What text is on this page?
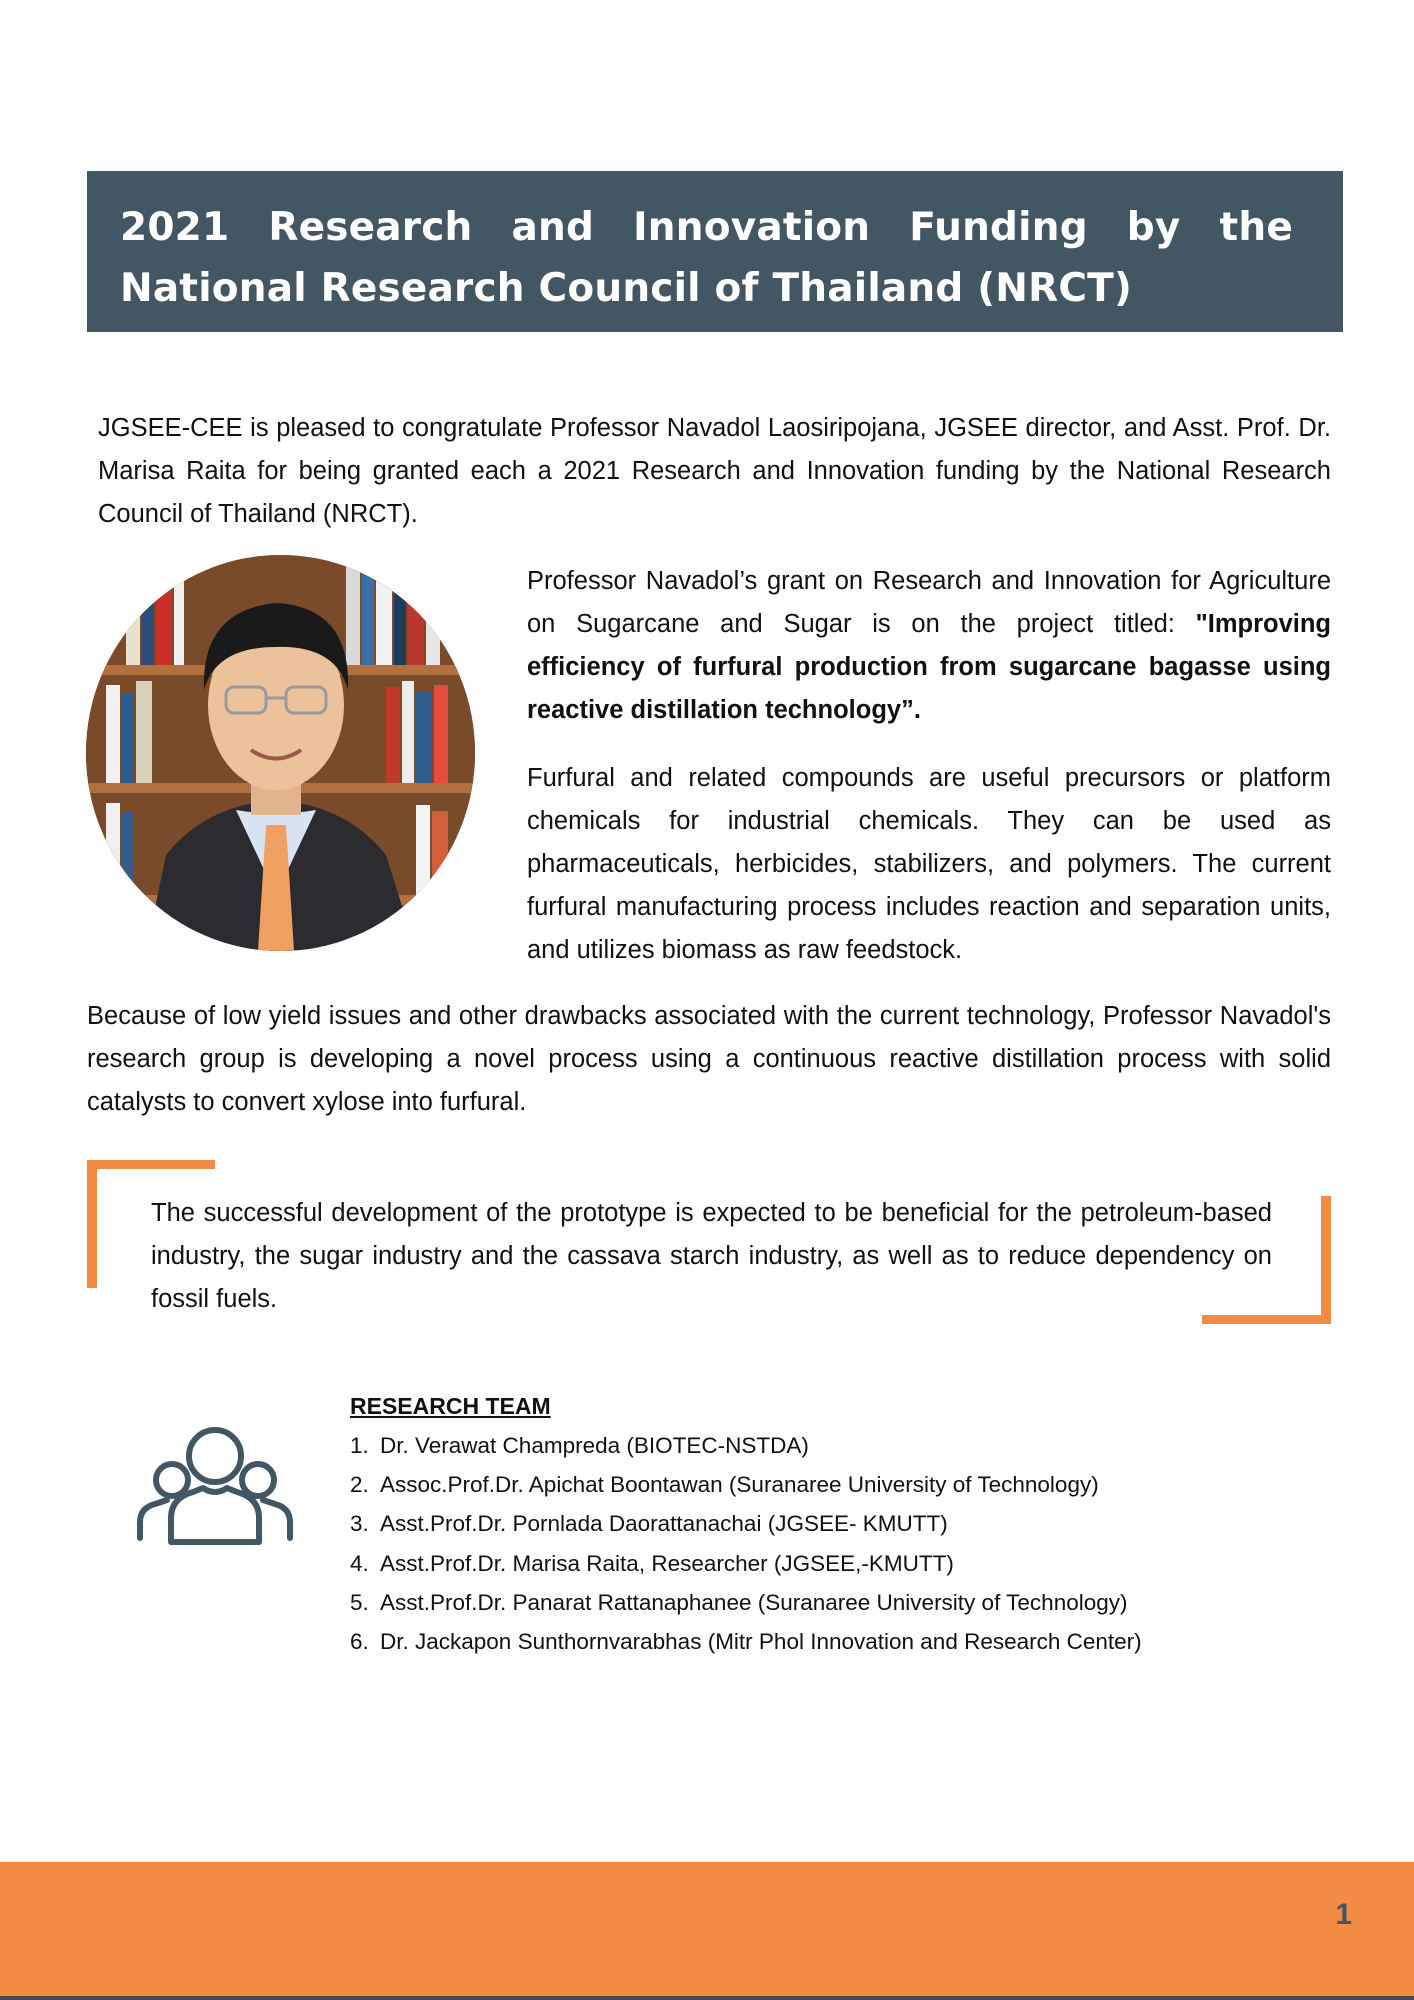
2021 Research and Innovation Funding by the National Research Council of Thailand (NRCT)

JGSEE-CEE is pleased to congratulate Professor Navadol Laosiripojana, JGSEE director, and Asst. Prof. Dr. Marisa Raita for being granted each a 2021 Research and Innovation funding by the National Research Council of Thailand (NRCT).

Professor Navadol’s grant on Research and Innovation for Agriculture on Sugarcane and Sugar is on the project titled: "Improving efficiency of furfural production from sugarcane bagasse using reactive distillation technology”.

Furfural and related compounds are useful precursors or platform chemicals for industrial chemicals. They can be used as pharmaceuticals, herbicides, stabilizers, and polymers. The current furfural manufacturing process includes reaction and separation units, and utilizes biomass as raw feedstock.

Because of low yield issues and other drawbacks associated with the current technology, Professor Navadol's research group is developing a novel process using a continuous reactive distillation process with solid catalysts to convert xylose into furfural.

The successful development of the prototype is expected to be beneficial for the petroleum-based industry, the sugar industry and the cassava starch industry, as well as to reduce dependency on fossil fuels.

RESEARCH TEAM
1. Dr. Verawat Champreda (BIOTEC-NSTDA)
2. Assoc.Prof.Dr. Apichat Boontawan (Suranaree University of Technology)
3. Asst.Prof.Dr. Pornlada Daorattanachai (JGSEE- KMUTT)
4. Asst.Prof.Dr. Marisa Raita, Researcher (JGSEE,-KMUTT)
5. Asst.Prof.Dr. Panarat Rattanaphanee (Suranaree University of Technology)
6. Dr. Jackapon Sunthornvarabhas (Mitr Phol Innovation and Research Center)
1
